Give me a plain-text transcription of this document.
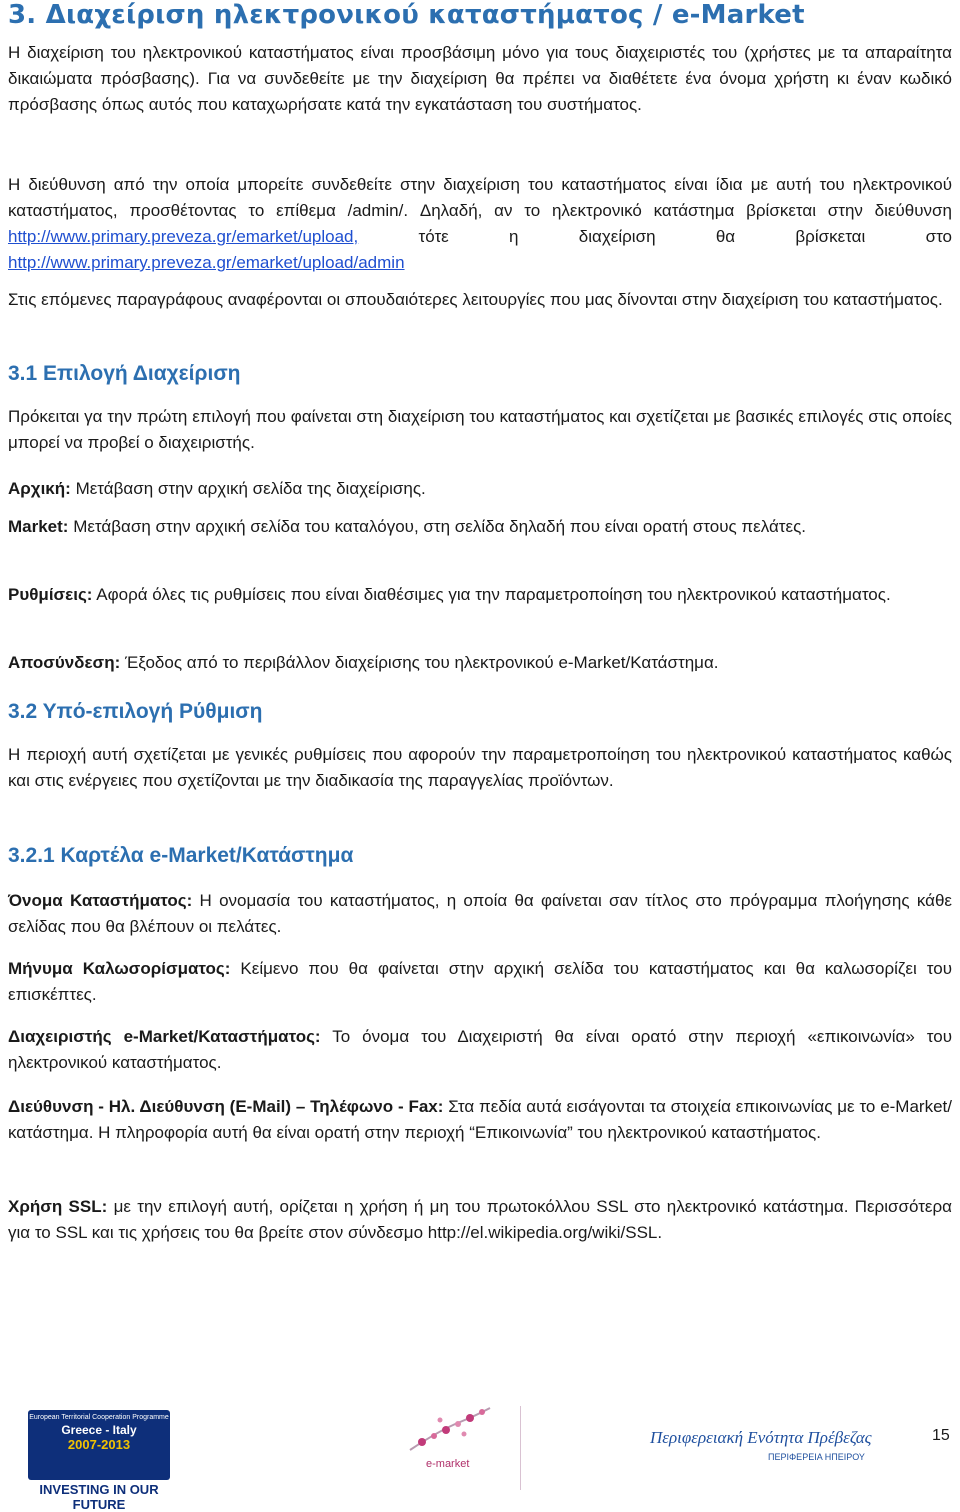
3. Διαχείριση ηλεκτρονικού καταστήματος / e-Market

Η διαχείριση του ηλεκτρονικού καταστήματος είναι προσβάσιμη μόνο για τους διαχειριστές του (χρήστες με τα απαραίτητα δικαιώματα πρόσβασης). Για να συνδεθείτε με την διαχείριση θα πρέπει να διαθέτετε ένα όνομα χρήστη κι έναν κωδικό πρόσβασης όπως αυτός που καταχωρήσατε κατά την εγκατάσταση του συστήματος.

Η διεύθυνση από την οποία μπορείτε συνδεθείτε στην διαχείριση του καταστήματος είναι ίδια με αυτή του ηλεκτρονικού καταστήματος, προσθέτοντας το επίθεμα /admin/. Δηλαδή, αν το ηλεκτρονικό κατάστημα βρίσκεται στην διεύθυνση http://www.primary.preveza.gr/emarket/upload, τότε η διαχείριση θα βρίσκεται στο http://www.primary.preveza.gr/emarket/upload/admin

Στις επόμενες παραγράφους αναφέρονται οι σπουδαιότερες λειτουργίες που μας δίνονται στην διαχείριση του καταστήματος.

3.1 Επιλογή Διαχείριση

Πρόκειται γα την πρώτη επιλογή που φαίνεται στη διαχείριση του καταστήματος και σχετίζεται με βασικές επιλογές στις οποίες μπορεί να προβεί ο διαχειριστής.

Αρχική: Μετάβαση στην αρχική σελίδα της διαχείρισης.

Market: Μετάβαση στην αρχική σελίδα του καταλόγου, στη σελίδα δηλαδή που είναι ορατή στους πελάτες.

Ρυθμίσεις: Αφορά όλες τις ρυθμίσεις που είναι διαθέσιμες για την παραμετροποίηση του ηλεκτρονικού καταστήματος.

Αποσύνδεση: Έξοδος από το περιβάλλον διαχείρισης του ηλεκτρονικού e-Market/Κατάστημα.

3.2 Υπό-επιλογή Ρύθμιση

Η περιοχή αυτή σχετίζεται με γενικές ρυθμίσεις που αφορούν την παραμετροποίηση του ηλεκτρονικού καταστήματος καθώς και στις ενέργειες που σχετίζονται με την διαδικασία της παραγγελίας προϊόντων.

3.2.1 Καρτέλα e-Market/Κατάστημα

Όνομα Καταστήματος: Η ονομασία του καταστήματος, η οποία θα φαίνεται σαν τίτλος στο πρόγραμμα πλοήγησης κάθε σελίδας που θα βλέπουν οι πελάτες.

Μήνυμα Καλωσορίσματος: Κείμενο που θα φαίνεται στην αρχική σελίδα του καταστήματος και θα καλωσορίζει του επισκέπτες.

Διαχειριστής e-Market/Καταστήματος: Το όνομα του Διαχειριστή θα είναι ορατό στην περιοχή «επικοινωνία» του ηλεκτρονικού καταστήματος.

Διεύθυνση - Ηλ. Διεύθυνση (E-Mail) – Τηλέφωνο - Fax: Στα πεδία αυτά εισάγονται τα στοιχεία επικοινωνίας με το e-Market/κατάστημα. Η πληροφορία αυτή θα είναι ορατή στην περιοχή “Επικοινωνία” του ηλεκτρονικού καταστήματος.

Χρήση SSL: με την επιλογή αυτή, ορίζεται η χρήση ή μη του πρωτοκόλλου SSL στο ηλεκτρονικό κατάστημα. Περισσότερα για το SSL και τις χρήσεις του θα βρείτε στον σύνδεσμο http://el.wikipedia.org/wiki/SSL.

European Territorial Cooperation Programme
Greece - Italy
2007-2013
INVESTING IN OUR FUTURE
e-market
Περιφερειακή Ενότητα Πρέβεζας
ΠΕΡΙΦΕΡΕΙΑ ΗΠΕΙΡΟΥ
15
